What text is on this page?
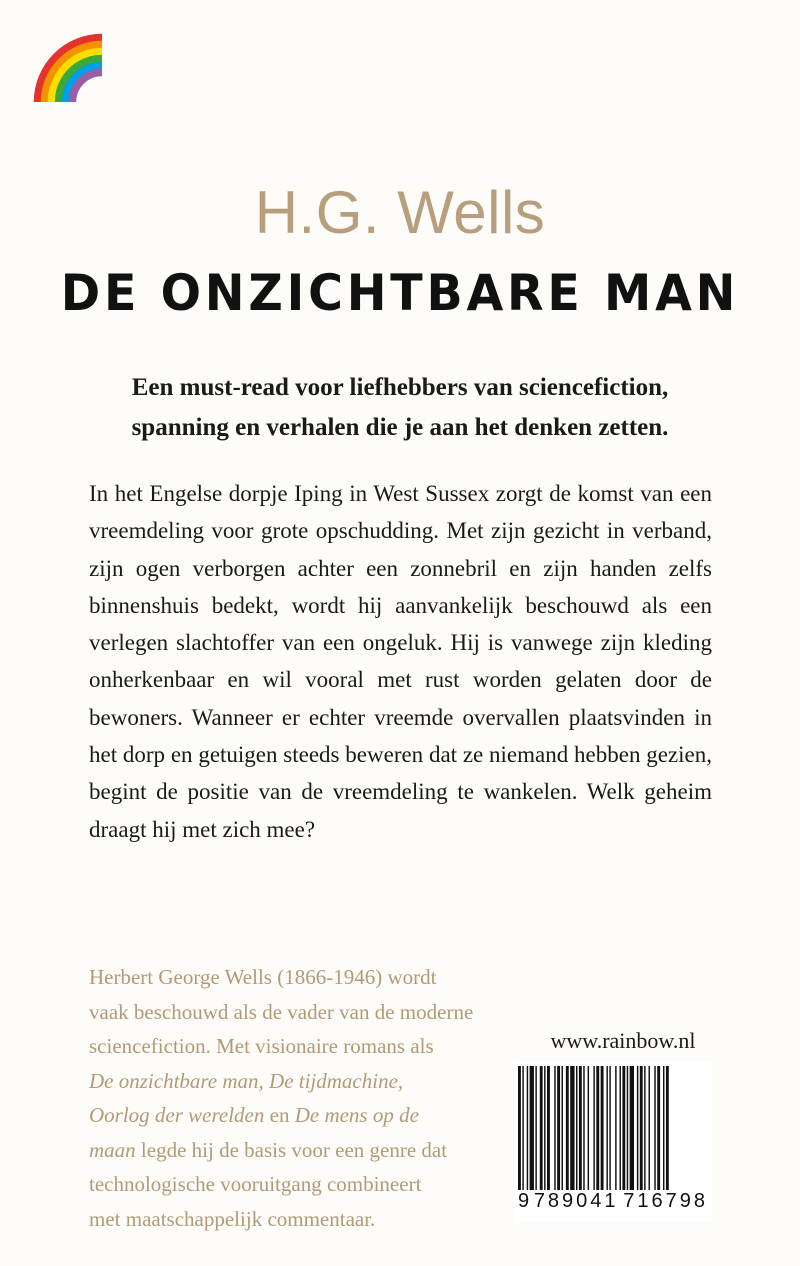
H.G. Wells
DE ONZICHTBARE MAN
Een must-read voor liefhebbers van sciencefiction,
spanning en verhalen die je aan het denken zetten.
In het Engelse dorpje Iping in West Sussex zorgt de komst van een vreemdeling voor grote opschudding. Met zijn gezicht in verband, zijn ogen verborgen achter een zonnebril en zijn handen zelfs binnenshuis bedekt, wordt hij aanvankelijk beschouwd als een verlegen slachtoffer van een ongeluk. Hij is vanwege zijn kleding onherkenbaar en wil vooral met rust worden gelaten door de bewoners. Wanneer er echter vreemde overvallen plaatsvinden in het dorp en getuigen steeds beweren dat ze niemand hebben gezien, begint de positie van de vreemdeling te wankelen. Welk geheim draagt hij met zich mee?
Herbert George Wells (1866-1946) wordt
vaak beschouwd als de vader van de moderne
sciencefiction. Met visionaire romans als
De onzichtbare man, De tijdmachine,
Oorlog der werelden en De mens op de
maan legde hij de basis voor een genre dat
technologische vooruitgang combineert
met maatschappelijk commentaar.
www.rainbow.nl
9 789041 716798
